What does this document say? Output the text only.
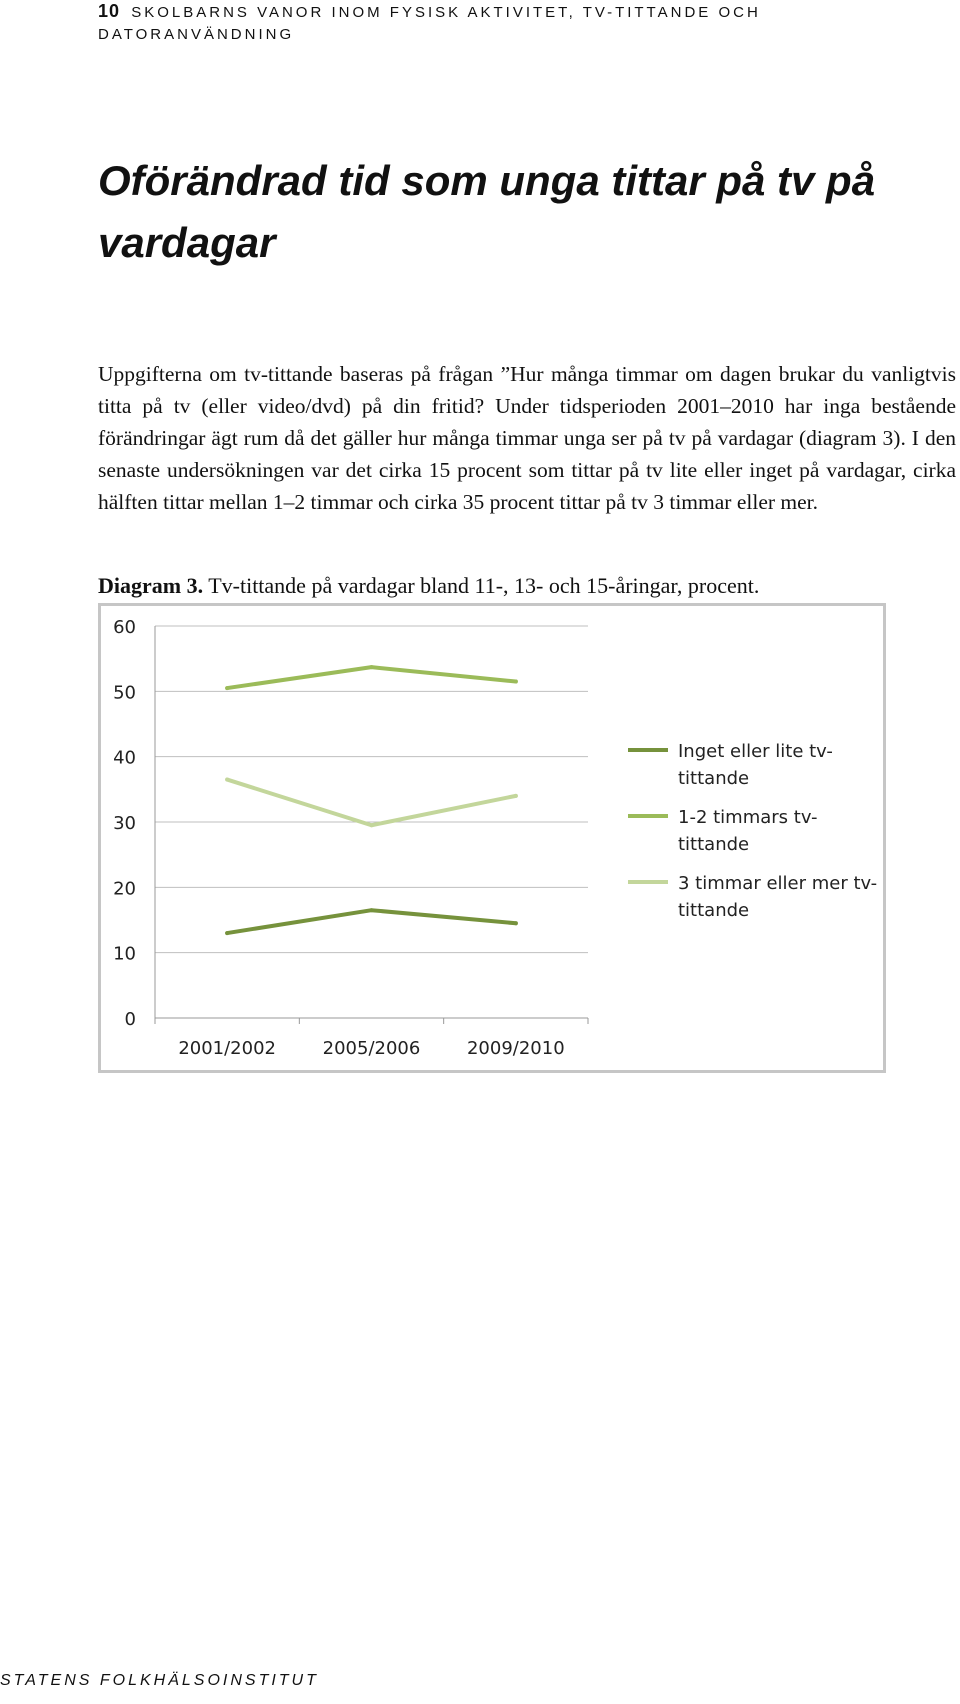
10 SKOLBARNS VANOR INOM FYSISK AKTIVITET, TV-TITTANDE OCH DATORANVÄNDNING
Oförändrad tid som unga tittar på tv på vardagar

Uppgifterna om tv-tittande baseras på frågan ”Hur många timmar om dagen brukar du vanligtvis titta på tv (eller video/dvd) på din fritid? Under tidsperioden 2001–2010 har inga bestående förändringar ägt rum då det gäller hur många timmar unga ser på tv på vardagar (diagram 3). I den senaste undersökningen var det cirka 15 procent som tittar på tv lite eller inget på vardagar, cirka hälften tittar mellan 1–2 timmar och cirka 35 procent tittar på tv 3 timmar eller mer.

Diagram 3. Tv-tittande på vardagar bland 11-, 13- och 15-åringar, procent.

0
10
20
30
40
50
60
2001/2002	2005/2006	2009/2010
Inget eller lite tv-
tittande
1-2 timmars tv-
tittande
3 timmar eller mer tv-
tittande
STATENS FOLKHÄLSOINSTITUT
